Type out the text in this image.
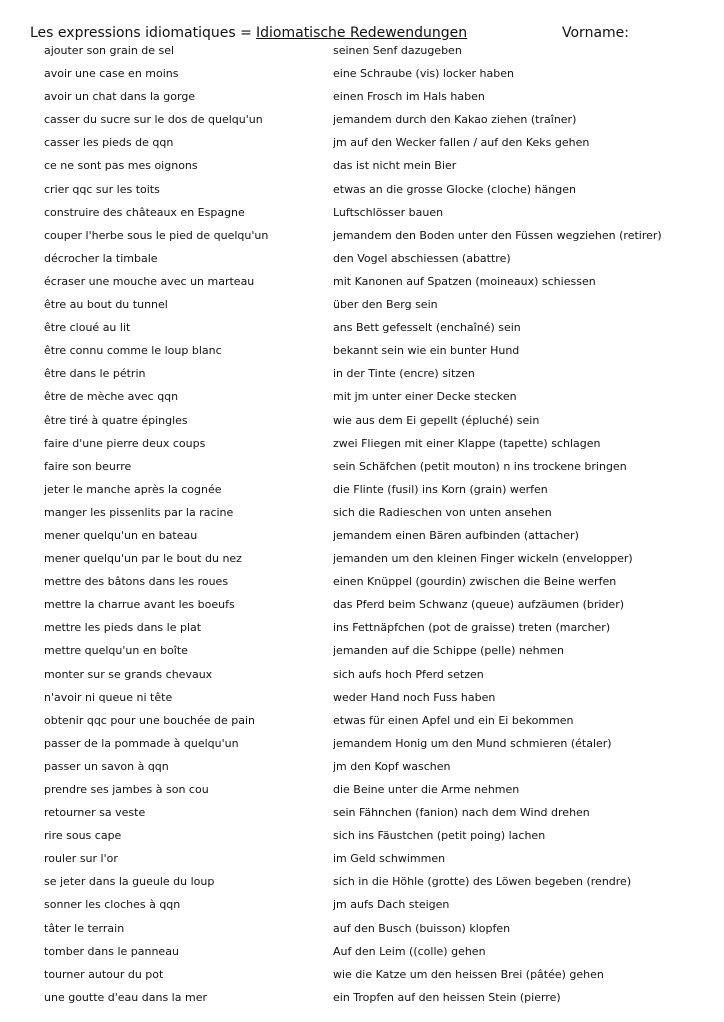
Les expressions idiomatiques = Idiomatische Redewendungen	Vorname:
ajouter son grain de sel	seinen Senf dazugeben
avoir une case en moins	eine Schraube (vis) locker haben
avoir un chat dans la gorge	einen Frosch im Hals haben
casser du sucre sur le dos de quelqu'un	jemandem durch den Kakao ziehen (traîner)
casser les pieds de qqn	jm auf den Wecker fallen / auf den Keks gehen
ce ne sont pas mes oignons	das ist nicht mein Bier
crier qqc sur les toits	etwas an die grosse Glocke (cloche) hängen
construire des châteaux en Espagne	Luftschlösser bauen
couper l'herbe sous le pied de quelqu'un	jemandem den Boden unter den Füssen wegziehen (retirer)
décrocher la timbale	den Vogel abschiessen (abattre)
écraser une mouche avec un marteau	mit Kanonen auf Spatzen (moineaux) schiessen
être au bout du tunnel	über den Berg sein
être cloué au lit	ans Bett gefesselt (enchaîné) sein
être connu comme le loup blanc	bekannt sein wie ein bunter Hund
être dans le pétrin	in der Tinte (encre) sitzen
être de mèche avec qqn	mit jm unter einer Decke stecken
être tiré à quatre épingles	wie aus dem Ei gepellt (épluché) sein
faire d'une pierre deux coups	zwei Fliegen mit einer Klappe (tapette) schlagen
faire son beurre	sein Schäfchen (petit mouton) n ins trockene bringen
jeter le manche après la cognée	die Flinte (fusil) ins Korn (grain) werfen
manger les pissenlits par la racine	sich die Radieschen von unten ansehen
mener quelqu'un en bateau	jemandem einen Bären aufbinden (attacher)
mener quelqu'un par le bout du nez	jemanden um den kleinen Finger wickeln (envelopper)
mettre des bâtons dans les roues	einen Knüppel (gourdin) zwischen die Beine werfen
mettre la charrue avant les boeufs	das Pferd beim Schwanz (queue) aufzäumen (brider)
mettre les pieds dans le plat	ins Fettnäpfchen (pot de graisse) treten (marcher)
mettre quelqu'un en boîte	jemanden auf die Schippe (pelle) nehmen
monter sur se grands chevaux	sich aufs hoch Pferd setzen
n'avoir ni queue ni tête	weder Hand noch Fuss haben
obtenir qqc pour une bouchée de pain	etwas für einen Apfel und ein Ei bekommen
passer de la pommade à quelqu'un	jemandem Honig um den Mund schmieren (étaler)
passer un savon à qqn	jm den Kopf waschen
prendre ses jambes à son cou	die Beine unter die Arme nehmen
retourner sa veste	sein Fähnchen (fanion) nach dem Wind drehen
rire sous cape	sich ins Fäustchen (petit poing) lachen
rouler sur l'or	im Geld schwimmen
se jeter dans la gueule du loup	sich in die Höhle (grotte) des Löwen begeben (rendre)
sonner les cloches à qqn	jm aufs Dach steigen
tâter le terrain	auf den Busch (buisson) klopfen
tomber dans le panneau	Auf den Leim ((colle) gehen
tourner autour du pot	wie die Katze um den heissen Brei (pâtée) gehen
une goutte d'eau dans la mer	ein Tropfen auf den heissen Stein (pierre)
